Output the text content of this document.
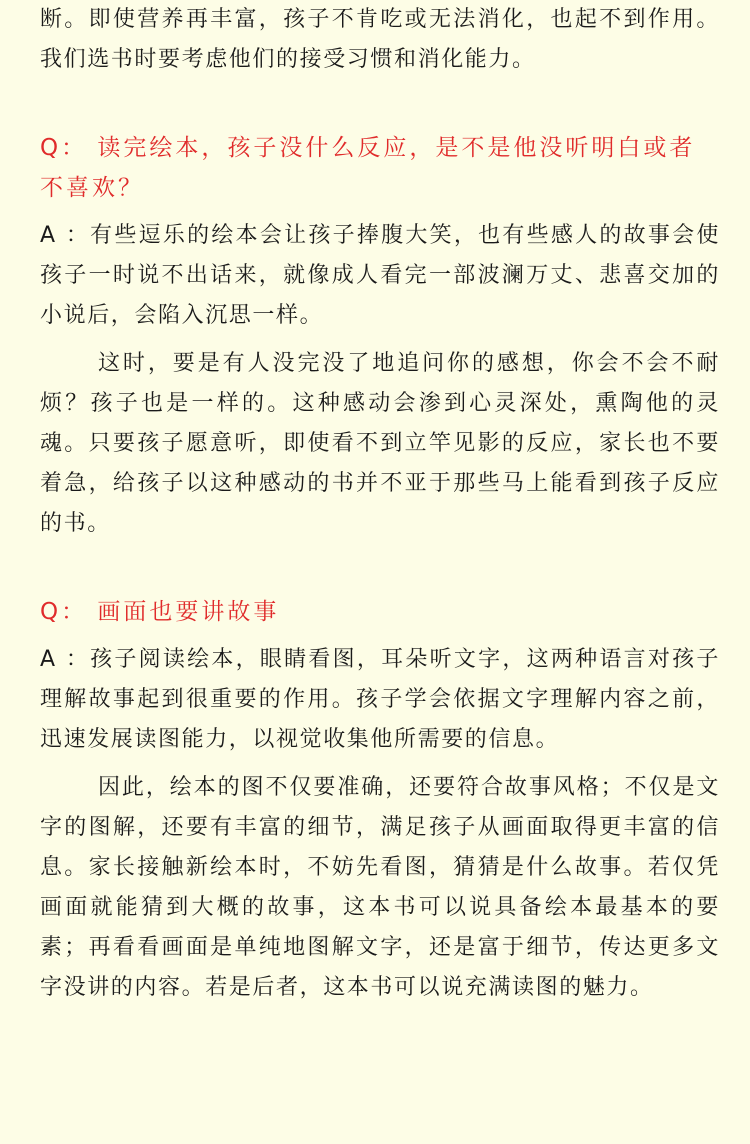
断。即使营养再丰富，孩子不肯吃或无法消化，也起不到作用。我们选书时要考虑他们的接受习惯和消化能力。

Q： 读完绘本，孩子没什么反应，是不是他没听明白或者不喜欢？

A ：有些逗乐的绘本会让孩子捧腹大笑，也有些感人的故事会使孩子一时说不出话来，就像成人看完一部波澜万丈、悲喜交加的小说后，会陷入沉思一样。

这时，要是有人没完没了地追问你的感想，你会不会不耐烦？孩子也是一样的。这种感动会渗到心灵深处，熏陶他的灵魂。只要孩子愿意听，即使看不到立竿见影的反应，家长也不要着急，给孩子以这种感动的书并不亚于那些马上能看到孩子反应的书。

Q： 画面也要讲故事

A ：孩子阅读绘本，眼睛看图，耳朵听文字，这两种语言对孩子理解故事起到很重要的作用。孩子学会依据文字理解内容之前，迅速发展读图能力，以视觉收集他所需要的信息。

因此，绘本的图不仅要准确，还要符合故事风格；不仅是文字的图解，还要有丰富的细节，满足孩子从画面取得更丰富的信息。家长接触新绘本时，不妨先看图，猜猜是什么故事。若仅凭画面就能猜到大概的故事，这本书可以说具备绘本最基本的要素；再看看画面是单纯地图解文字，还是富于细节，传达更多文字没讲的内容。若是后者，这本书可以说充满读图的魅力。
